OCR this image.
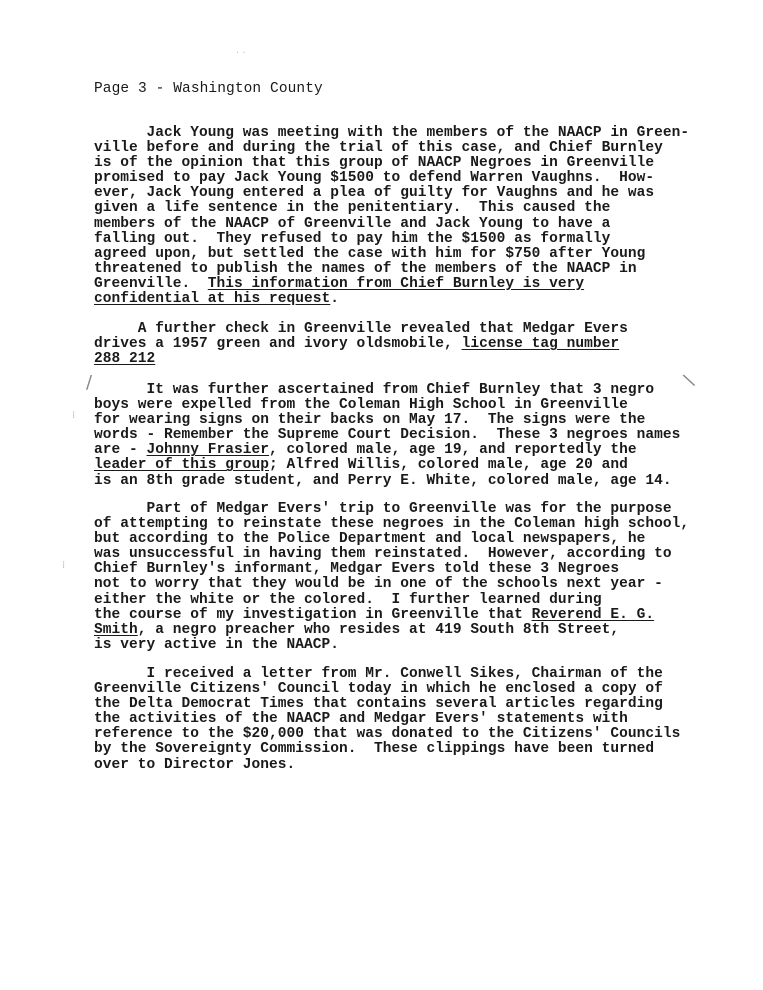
Page 3 - Washington County
Jack Young was meeting with the members of the NAACP in Green-
ville before and during the trial of this case, and Chief Burnley
is of the opinion that this group of NAACP Negroes in Greenville
promised to pay Jack Young $1500 to defend Warren Vaughns.  How-
ever, Jack Young entered a plea of guilty for Vaughns and he was
given a life sentence in the penitentiary.  This caused the
members of the NAACP of Greenville and Jack Young to have a
falling out.  They refused to pay him the $1500 as formally
agreed upon, but settled the case with him for $750 after Young
threatened to publish the names of the members of the NAACP in
Greenville.  This information from Chief Burnley is very
confidential at his request.
A further check in Greenville revealed that Medgar Evers
drives a 1957 green and ivory oldsmobile, license tag number
288 212
It was further ascertained from Chief Burnley that 3 negro
boys were expelled from the Coleman High School in Greenville
for wearing signs on their backs on May 17.  The signs were the
words - Remember the Supreme Court Decision.  These 3 negroes names
are - Johnny Frasier, colored male, age 19, and reportedly the
leader of this group; Alfred Willis, colored male, age 20 and
is an 8th grade student, and Perry E. White, colored male, age 14.
Part of Medgar Evers' trip to Greenville was for the purpose
of attempting to reinstate these negroes in the Coleman high school,
but according to the Police Department and local newspapers, he
was unsuccessful in having them reinstated.  However, according to
Chief Burnley's informant, Medgar Evers told these 3 Negroes
not to worry that they would be in one of the schools next year -
either the white or the colored.  I further learned during
the course of my investigation in Greenville that Reverend E. G.
Smith, a negro preacher who resides at 419 South 8th Street,
is very active in the NAACP.
I received a letter from Mr. Conwell Sikes, Chairman of the
Greenville Citizens' Council today in which he enclosed a copy of
the Delta Democrat Times that contains several articles regarding
the activities of the NAACP and Medgar Evers' statements with
reference to the $20,000 that was donated to the Citizens' Councils
by the Sovereignty Commission.  These clippings have been turned
over to Director Jones.
/	\
· ·
⁞
⁞
